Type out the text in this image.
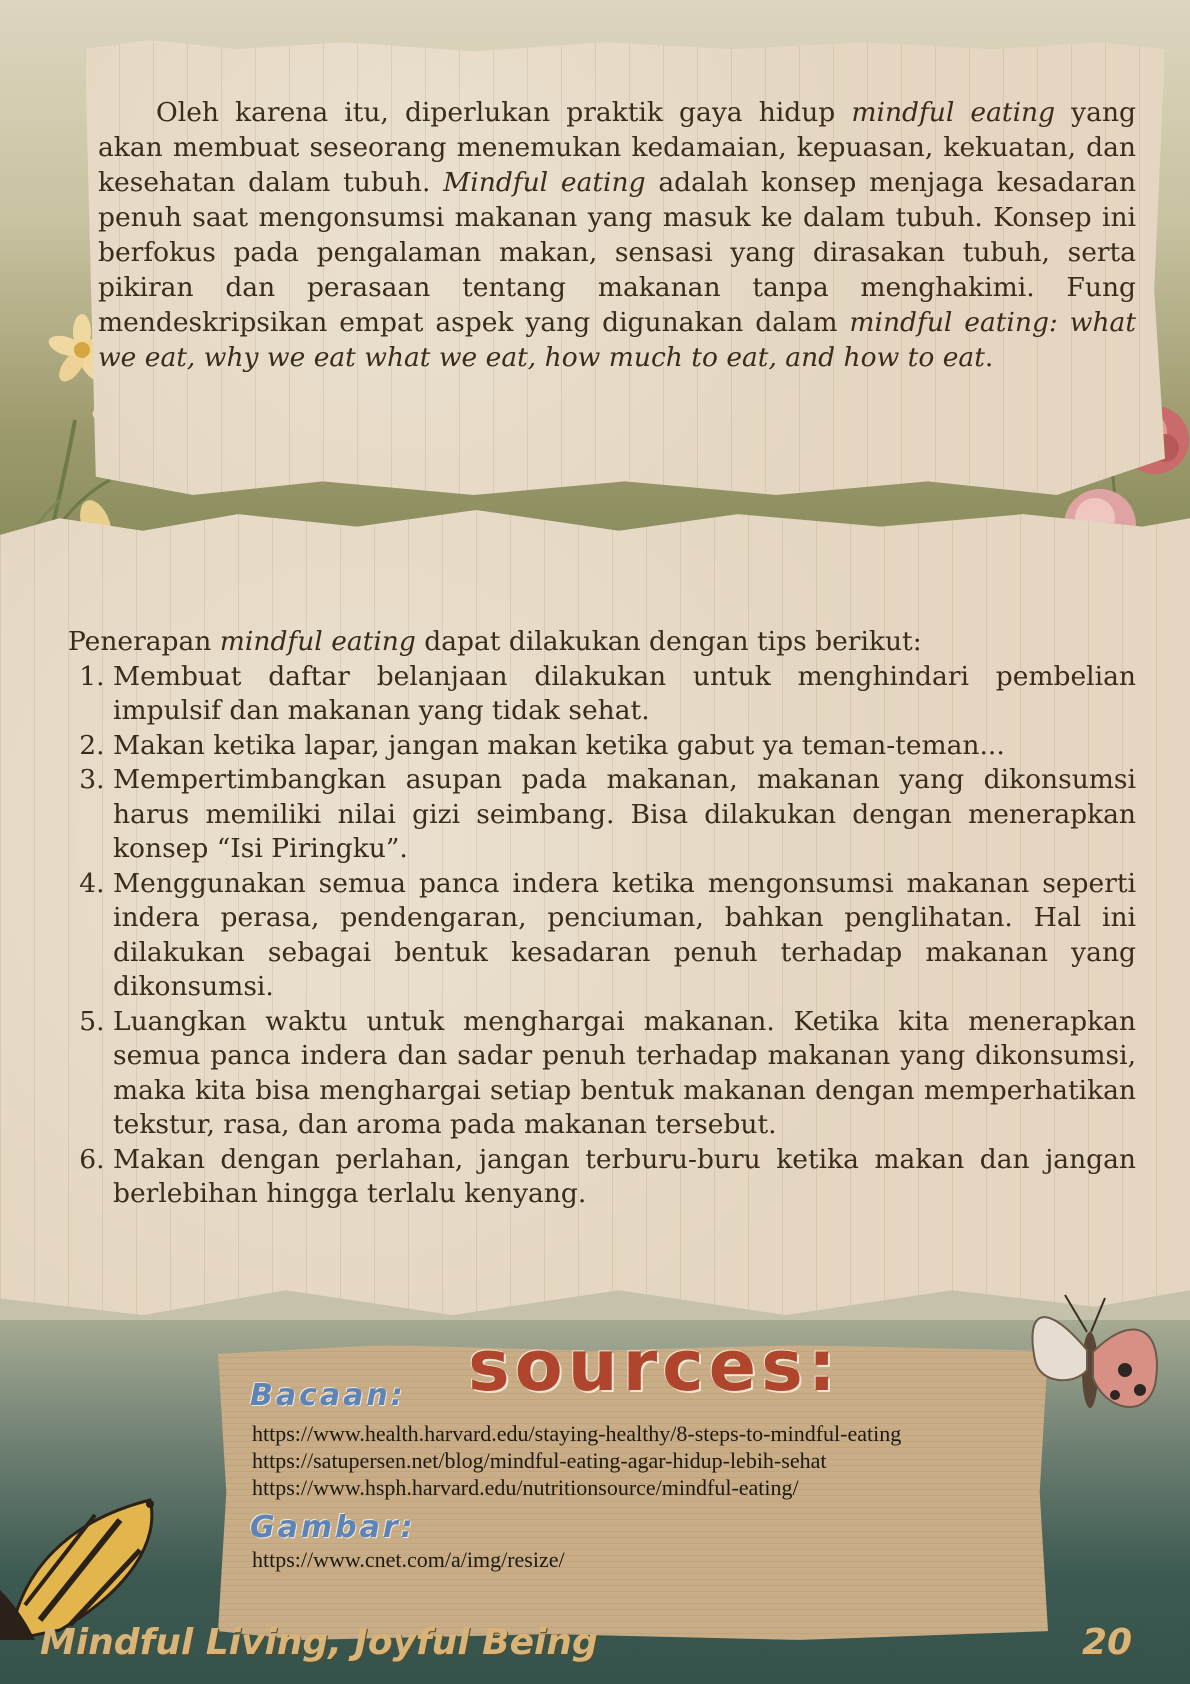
Oleh karena itu, diperlukan praktik gaya hidup mindful eating yang akan membuat seseorang menemukan kedamaian, kepuasan, kekuatan, dan kesehatan dalam tubuh. Mindful eating adalah konsep menjaga kesadaran penuh saat mengonsumsi makanan yang masuk ke dalam tubuh. Konsep ini berfokus pada pengalaman makan, sensasi yang dirasakan tubuh, serta pikiran dan perasaan tentang makanan tanpa menghakimi. Fung mendeskripsikan empat aspek yang digunakan dalam mindful eating: what we eat, why we eat what we eat, how much to eat, and how to eat.

Penerapan mindful eating dapat dilakukan dengan tips berikut:

1. Membuat daftar belanjaan dilakukan untuk menghindari pembelian impulsif dan makanan yang tidak sehat.
2. Makan ketika lapar, jangan makan ketika gabut ya teman-teman...
3. Mempertimbangkan asupan pada makanan, makanan yang dikonsumsi harus memiliki nilai gizi seimbang. Bisa dilakukan dengan menerapkan konsep “Isi Piringku”.
4. Menggunakan semua panca indera ketika mengonsumsi makanan seperti indera perasa, pendengaran, penciuman, bahkan penglihatan. Hal ini dilakukan sebagai bentuk kesadaran penuh terhadap makanan yang dikonsumsi.
5. Luangkan waktu untuk menghargai makanan. Ketika kita menerapkan semua panca indera dan sadar penuh terhadap makanan yang dikonsumsi, maka kita bisa menghargai setiap bentuk makanan dengan memperhatikan tekstur, rasa, dan aroma pada makanan tersebut.
6. Makan dengan perlahan, jangan terburu-buru ketika makan dan jangan berlebihan hingga terlalu kenyang.
sources:
Bacaan:
https://www.health.harvard.edu/staying-healthy/8-steps-to-mindful-eating
https://satupersen.net/blog/mindful-eating-agar-hidup-lebih-sehat
https://www.hsph.harvard.edu/nutritionsource/mindful-eating/
Gambar:
https://www.cnet.com/a/img/resize/
Mindful Living, Joyful Being	20
